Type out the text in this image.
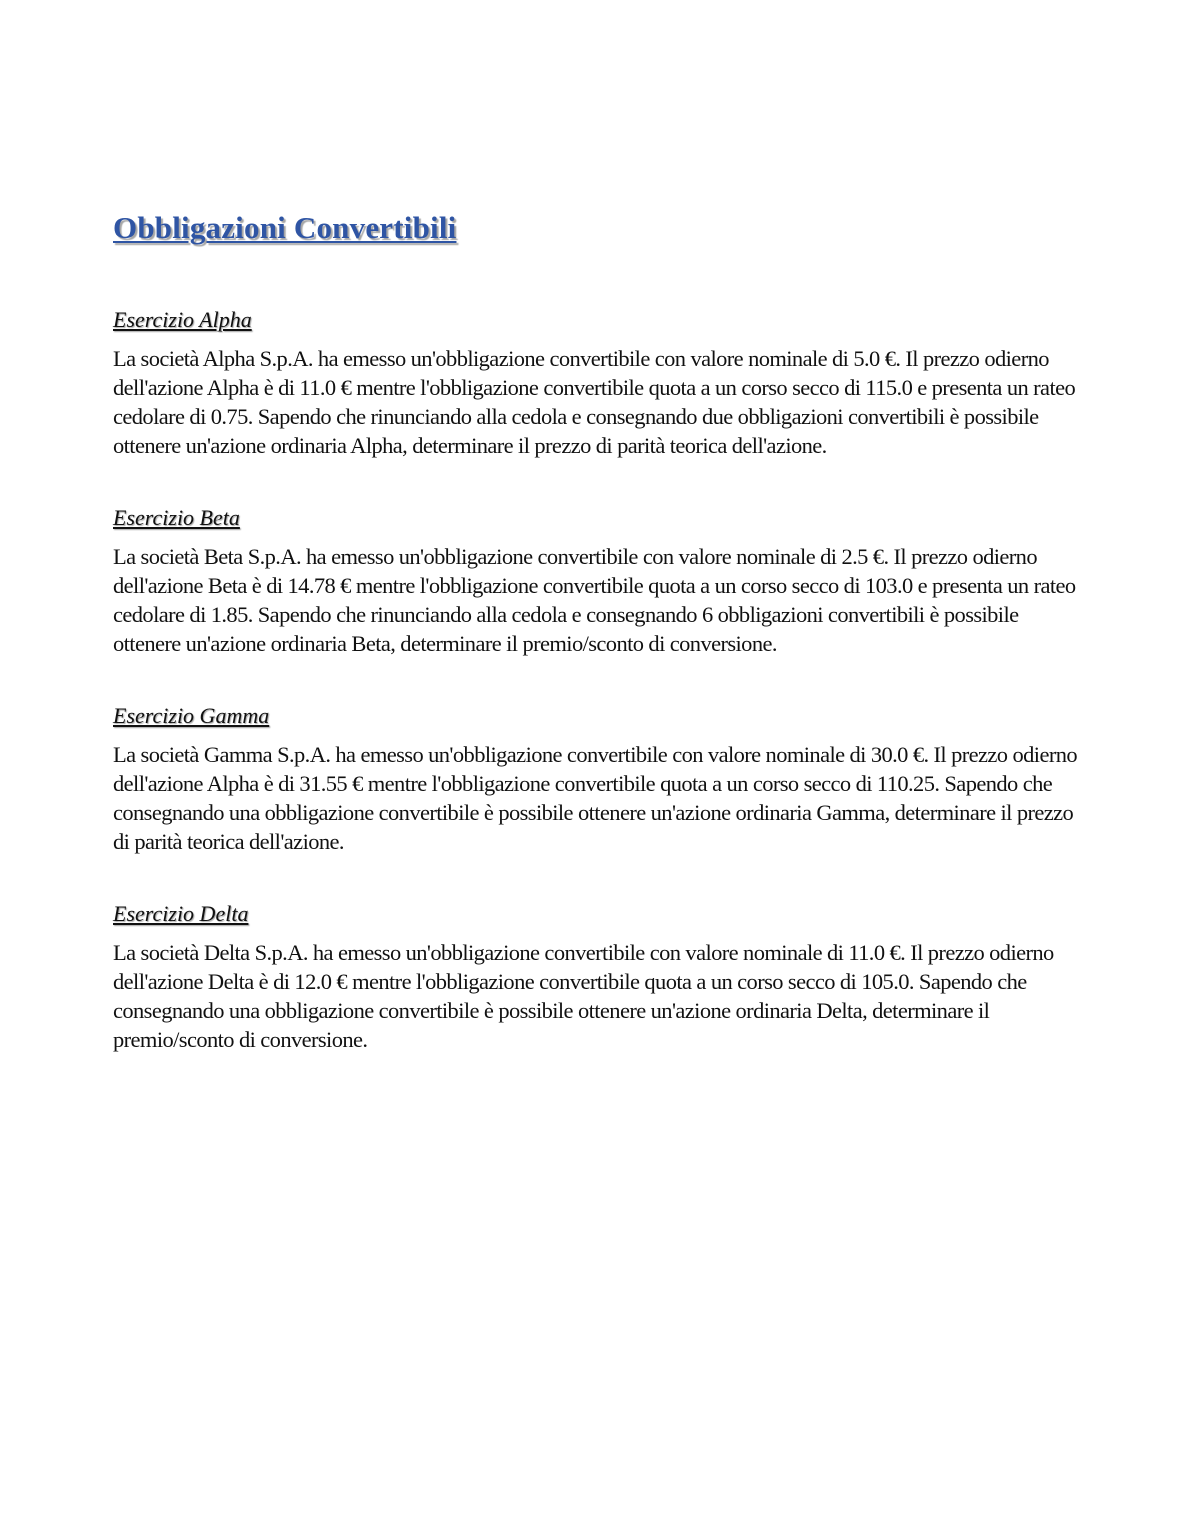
Obbligazioni Convertibili
Esercizio Alpha

La società Alpha S.p.A. ha emesso un'obbligazione convertibile con valore nominale di 5.0 €. Il prezzo odierno dell'azione Alpha è di 11.0 € mentre l'obbligazione convertibile quota a un corso secco di 115.0 e presenta un rateo cedolare di 0.75. Sapendo che rinunciando alla cedola e consegnando due obbligazioni convertibili è possibile ottenere un'azione ordinaria Alpha, determinare il prezzo di parità teorica dell'azione.

Esercizio Beta

La società Beta S.p.A. ha emesso un'obbligazione convertibile con valore nominale di 2.5 €. Il prezzo odierno dell'azione Beta è di 14.78 € mentre l'obbligazione convertibile quota a un corso secco di 103.0 e presenta un rateo cedolare di 1.85. Sapendo che rinunciando alla cedola e consegnando 6 obbligazioni convertibili è possibile ottenere un'azione ordinaria Beta, determinare il premio/sconto di conversione.

Esercizio Gamma

La società Gamma S.p.A. ha emesso un'obbligazione convertibile con valore nominale di 30.0 €. Il prezzo odierno dell'azione Alpha è di 31.55 € mentre l'obbligazione convertibile quota a un corso secco di 110.25. Sapendo che consegnando una obbligazione convertibile è possibile ottenere un'azione ordinaria Gamma, determinare il prezzo di parità teorica dell'azione.

Esercizio Delta

La società Delta S.p.A. ha emesso un'obbligazione convertibile con valore nominale di 11.0 €. Il prezzo odierno dell'azione Delta è di 12.0 € mentre l'obbligazione convertibile quota a un corso secco di 105.0. Sapendo che consegnando una obbligazione convertibile è possibile ottenere un'azione ordinaria Delta, determinare il premio/sconto di conversione.
